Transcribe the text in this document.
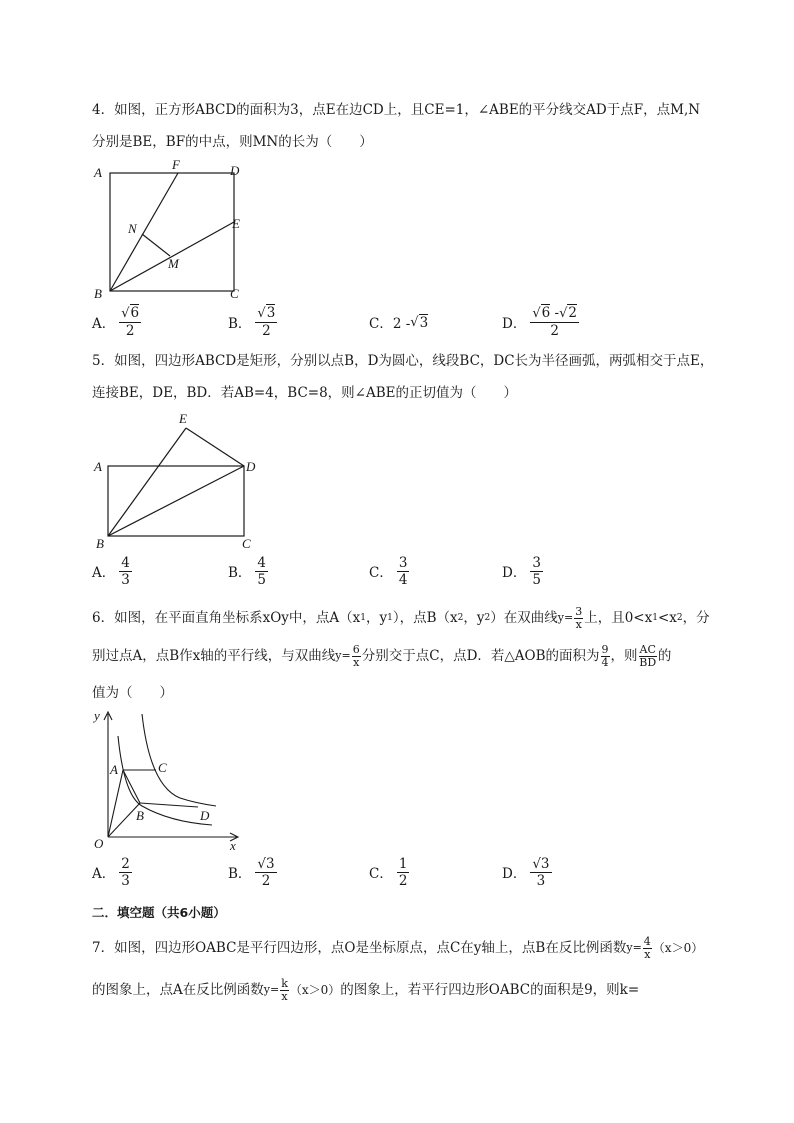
4．如图，正方形ABCD的面积为3，点E在边CD上，且CE=1，∠ABE的平分线交AD于点F，点M,N
分别是BE，BF的中点，则MN的长为（　　）
A
F	D
E
N
M
B	C
A． $\frac{√6}{2}$	B． $\frac{√3}{2}$	C．2 - √ 3	D． $\frac{√6 -√2}{2}$
5．如图，四边形ABCD是矩形，分别以点B，D为圆心，线段BC，DC长为半径画弧，两弧相交于点E，
连接BE，DE，BD．若AB=4，BC=8，则∠ABE的正切值为（　　）
E
A	D
B	C
A． $\frac{4}{3}$	B． $\frac{4}{5}$	C． $\frac{3}{4}$	D． $\frac{3}{5}$
6．如图，在平面直角坐标系xOy中，点A（x 1 ，y 1 ），点B（x 2 ，y 2 ）在双曲线 $y= \frac{3}{x}$ 上，且0<x 1 <x 2 ，分
别过点A，点B作x轴的平行线，与双曲线 $y= \frac{6}{x}$ 分别交于点C，点D．若△AOB的面积为 $\frac{9}{4}$ ，则 $\frac{AC}{BD}$ 的
值为（　　）
y
A	C
B	D
O	x
A． $\frac{2}{3}$	B． $\frac{√3}{2}$	C． $\frac{1}{2}$	D． $\frac{√3}{3}$
二．填空题（共6小题）
7．如图，四边形OABC是平行四边形，点O是坐标原点，点C在y轴上，点B在反比例函数 $y= \frac{4}{x} (x>0)$
的图象上，点A在反比例函数 $y= \frac{k}{x} (x>0)$ 的图象上，若平行四边形OABC的面积是9，则k=
